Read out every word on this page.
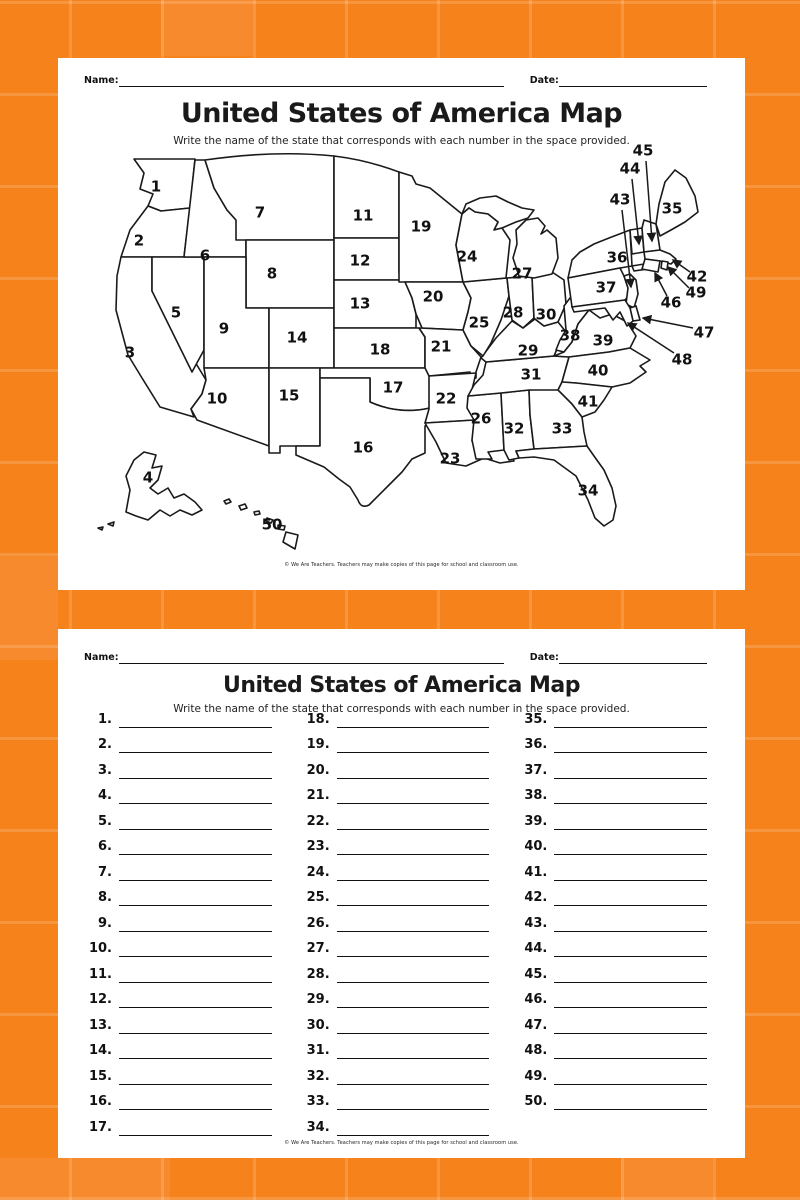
Name:	Date:
United States of America Map
Write the name of the state that corresponds with each number in the space provided.
1
2
3
4
5
6
7
8
9
10
11
12
13
14
15
16
17
18
19
20
21
22
23
24
25
26
27
28
29
30
31
32 33
34
35
36
37
38 39
40
41
42
43
44
45
46
47
48
49
50
© We Are Teachers. Teachers may make copies of this page for school and classroom use.
Name:	Date:
United States of America Map
Write the name of the state that corresponds with each number in the space provided.
1.
2.
3.
4.
5.
6.
7.
8.
9.
10.
11.
12.
13.
14.
15.
16.
17.
18.
19.
20.
21.
22.
23.
24.
25.
26.
27.
28.
29.
30.
31.
32.
33.
34.
35.
36.
37.
38.
39.
40.
41.
42.
43.
44.
45.
46.
47.
48.
49.
50.
© We Are Teachers. Teachers may make copies of this page for school and classroom use.
